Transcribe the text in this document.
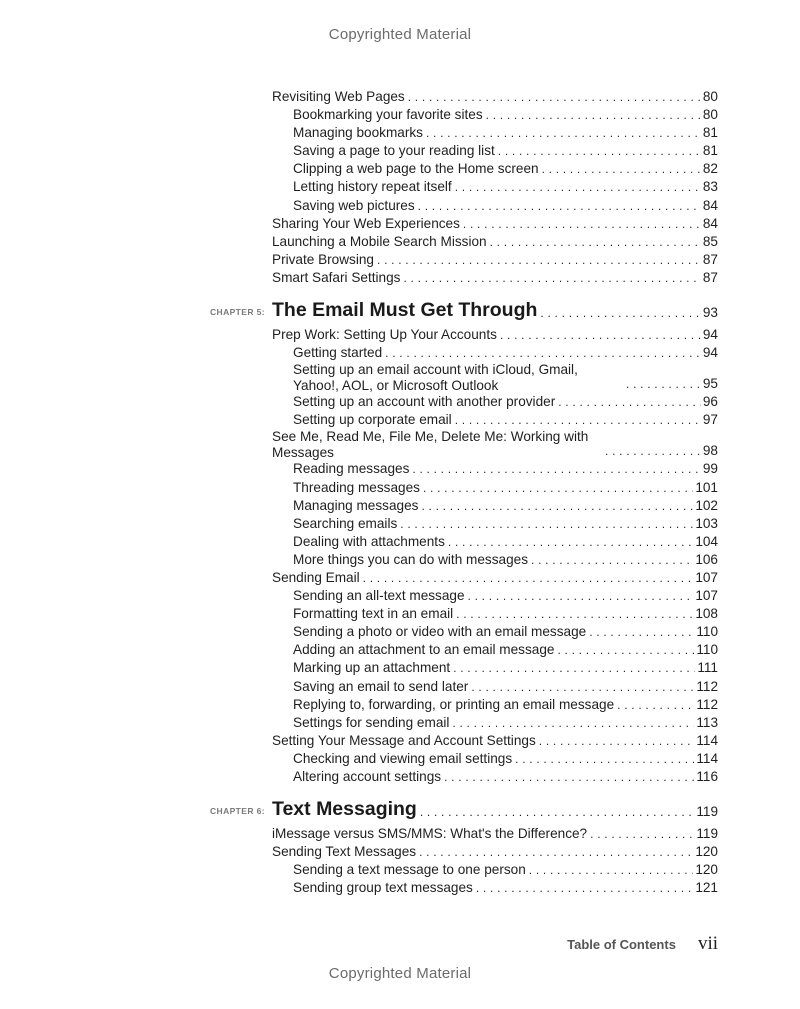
Copyrighted Material
Revisiting Web Pages . . .	80
Bookmarking your favorite sites . . .	80
Managing bookmarks . . .	81
Saving a page to your reading list . . .	81
Clipping a web page to the Home screen . . .	82
Letting history repeat itself . . .	83
Saving web pictures . . .	84
Sharing Your Web Experiences . . .	84
Launching a Mobile Search Mission . . .	85
Private Browsing . . .	87
Smart Safari Settings . . .	87
CHAPTER 5: The Email Must Get Through . . .	93
Prep Work: Setting Up Your Accounts . . .	94
Getting started . . .	94
Setting up an email account with iCloud, Gmail, Yahoo!, AOL, or Microsoft Outlook . . .	95
Setting up an account with another provider . . .	96
Setting up corporate email . . .	97
See Me, Read Me, File Me, Delete Me: Working with Messages . . .	98
Reading messages . . .	99
Threading messages . . .	101
Managing messages . . .	102
Searching emails . . .	103
Dealing with attachments . . .	104
More things you can do with messages . . .	106
Sending Email . . .	107
Sending an all-text message . . .	107
Formatting text in an email . . .	108
Sending a photo or video with an email message . . .	110
Adding an attachment to an email message . . .	110
Marking up an attachment . . .	111
Saving an email to send later . . .	112
Replying to, forwarding, or printing an email message . . .	112
Settings for sending email . . .	113
Setting Your Message and Account Settings . . .	114
Checking and viewing email settings . . .	114
Altering account settings . . .	116
CHAPTER 6: Text Messaging . . .	119
iMessage versus SMS/MMS: What's the Difference? . . .	119
Sending Text Messages . . .	120
Sending a text message to one person . . .	120
Sending group text messages . . .	121
Table of Contents vii
Copyrighted Material
